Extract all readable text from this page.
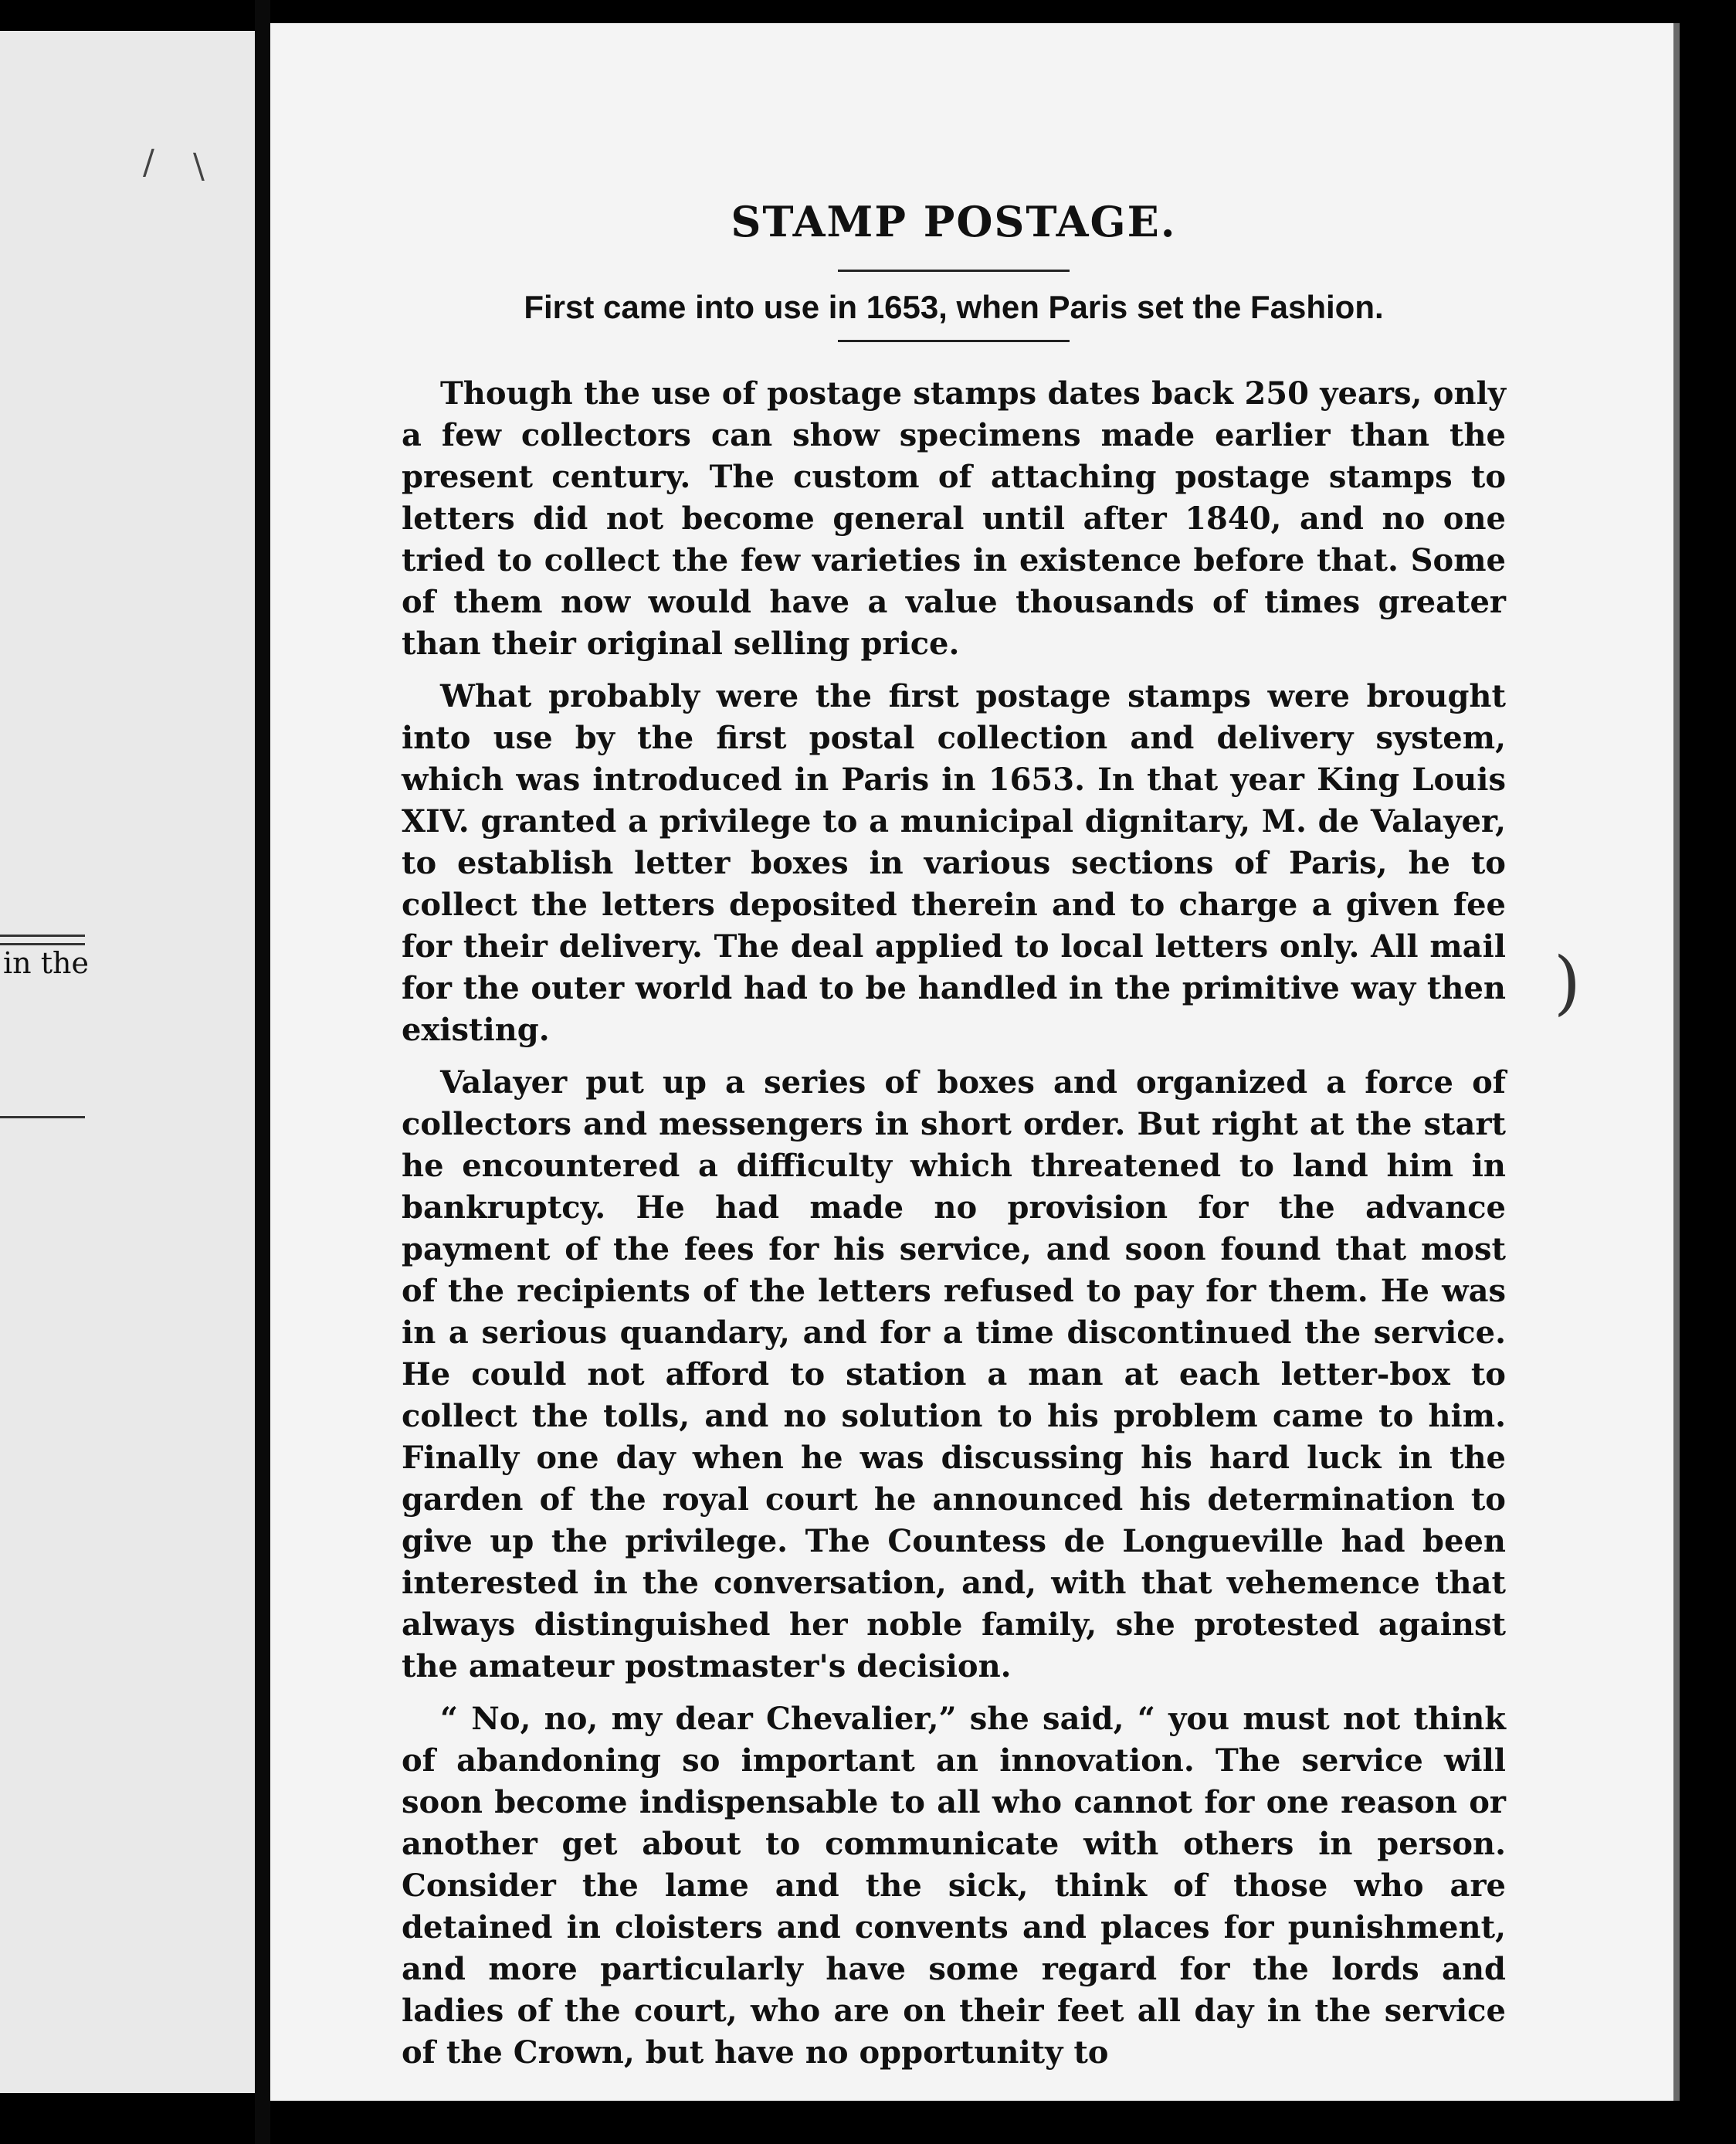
/ \
in the
STAMP POSTAGE.
First came into use in 1653, when Paris set the Fashion.

Though the use of postage stamps dates back 250 years, only a few collectors can show specimens made earlier than the present century. The custom of attaching postage stamps to letters did not become general until after 1840, and no one tried to collect the few varieties in existence before that. Some of them now would have a value thousands of times greater than their original selling price.

What probably were the first postage stamps were brought into use by the first postal collection and delivery system, which was introduced in Paris in 1653. In that year King Louis XIV. granted a privilege to a municipal dignitary, M. de Valayer, to establish letter boxes in various sections of Paris, he to collect the letters deposited therein and to charge a given fee for their delivery. The deal applied to local letters only. All mail for the outer world had to be handled in the primitive way then existing.

Valayer put up a series of boxes and organized a force of collectors and messengers in short order. But right at the start he encountered a difficulty which threatened to land him in bankruptcy. He had made no provision for the advance payment of the fees for his service, and soon found that most of the recipients of the letters refused to pay for them. He was in a serious quandary, and for a time discontinued the service. He could not afford to station a man at each letter-box to collect the tolls, and no solution to his problem came to him. Finally one day when he was discussing his hard luck in the garden of the royal court he announced his determination to give up the privilege. The Countess de Longueville had been interested in the conversation, and, with that vehemence that always distinguished her noble family, she protested against the amateur postmaster's decision.

“ No, no, my dear Chevalier,” she said, “ you must not think of abandoning so important an innovation. The service will soon become indispensable to all who cannot for one reason or another get about to communicate with others in person. Consider the lame and the sick, think of those who are detained in cloisters and convents and places for punishment, and more particularly have some regard for the lords and ladies of the court, who are on their feet all day in the service of the Crown, but have no opportunity to

)
